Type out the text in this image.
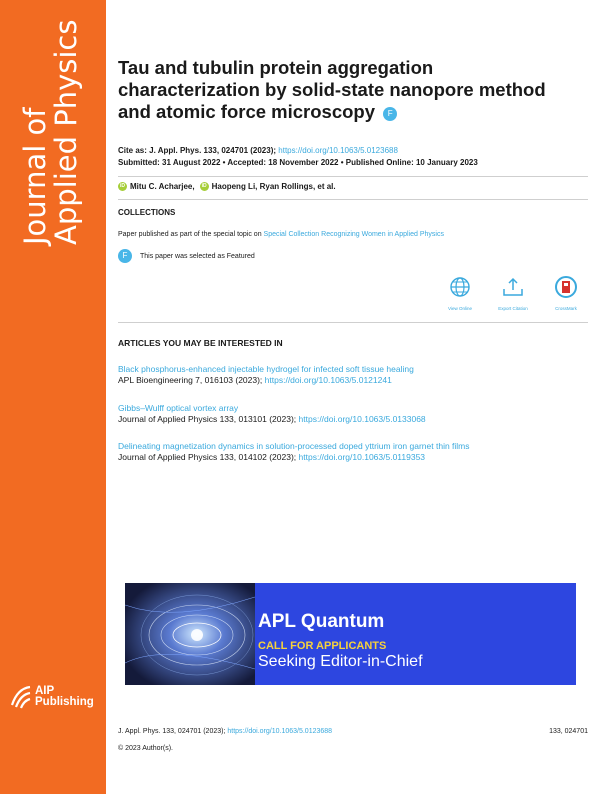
Journal of
Applied Physics
AIP
Publishing
Tau and tubulin protein aggregation characterization by solid-state nanopore method and atomic force microscopy F
Cite as: J. Appl. Phys. 133, 024701 (2023); https://doi.org/10.1063/5.0123688
Submitted: 31 August 2022 • Accepted: 18 November 2022 • Published Online: 10 January 2023
iD Mitu C. Acharjee,	iD Haopeng Li, Ryan Rollings, et al.
COLLECTIONS
Paper published as part of the special topic on Special Collection Recognizing Women in Applied Physics
F	This paper was selected as Featured
View Online	Export Citation	CrossMark
ARTICLES YOU MAY BE INTERESTED IN
Black phosphorus-enhanced injectable hydrogel for infected soft tissue healing
APL Bioengineering 7, 016103 (2023); https://doi.org/10.1063/5.0121241
Gibbs–Wulff optical vortex array
Journal of Applied Physics 133, 013101 (2023); https://doi.org/10.1063/5.0133068
Delineating magnetization dynamics in solution-processed doped yttrium iron garnet thin films
Journal of Applied Physics 133, 014102 (2023); https://doi.org/10.1063/5.0119353
APL Quantum
CALL FOR APPLICANTS
Seeking Editor-in-Chief
J. Appl. Phys. 133, 024701 (2023); https://doi.org/10.1063/5.0123688	133, 024701
© 2023 Author(s).
